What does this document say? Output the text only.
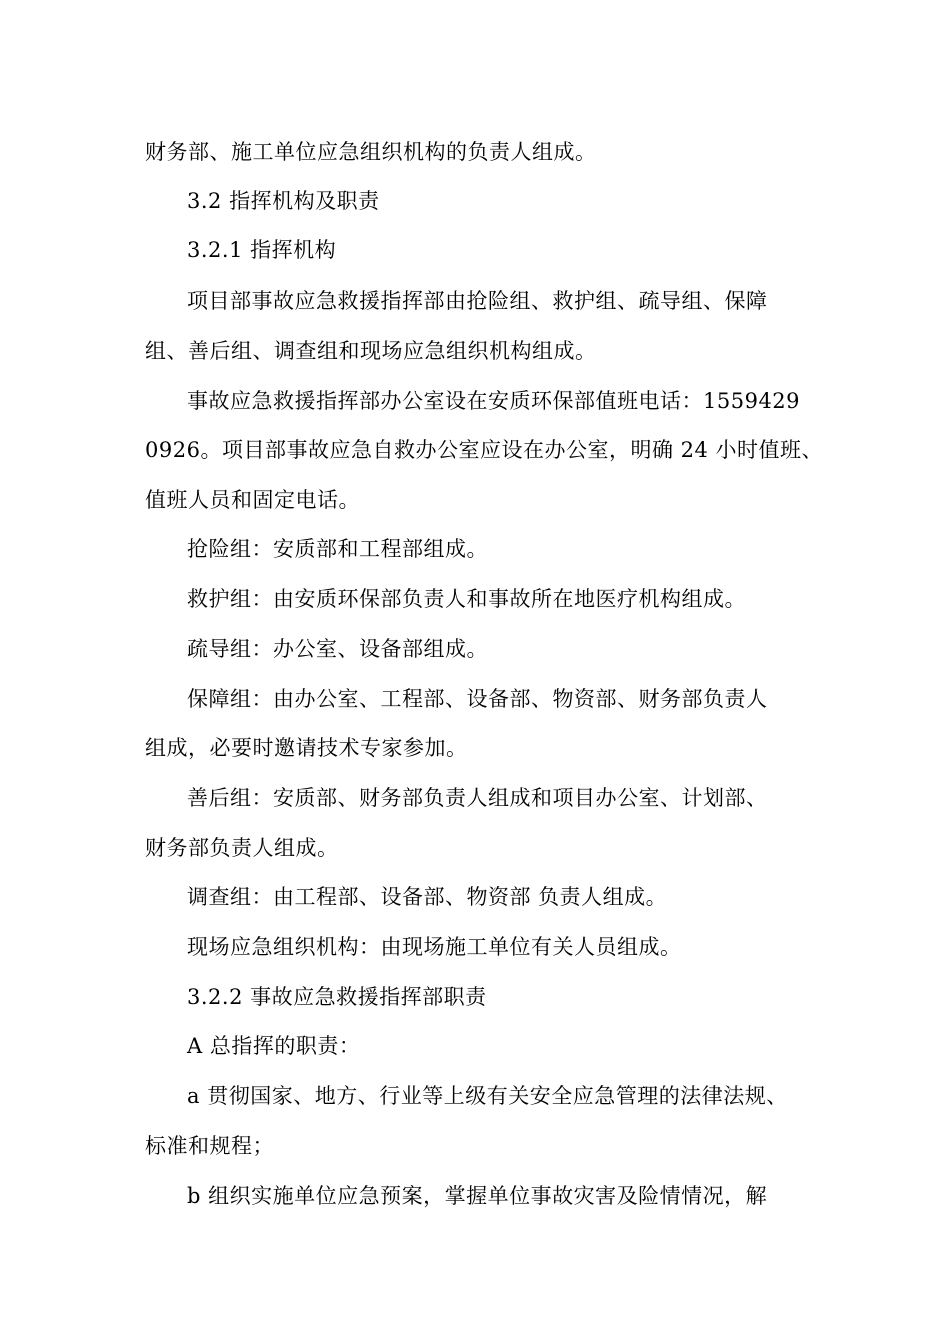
财务部、施工单位应急组织机构的负责人组成。
3.2 指挥机构及职责
3.2.1 指挥机构
项目部事故应急救援指挥部由抢险组、救护组、疏导组、保障
组、善后组、调查组和现场应急组织机构组成。
事故应急救援指挥部办公室设在安质环保部值班电话：1559429
0926。项目部事故应急自救办公室应设在办公室，明确 24 小时值班、
值班人员和固定电话。
抢险组：安质部和工程部组成。
救护组：由安质环保部负责人和事故所在地医疗机构组成。
疏导组：办公室、设备部组成。
保障组：由办公室、工程部、设备部、物资部、财务部负责人
组成，必要时邀请技术专家参加。
善后组：安质部、财务部负责人组成和项目办公室、计划部、
财务部负责人组成。
调查组：由工程部、设备部、物资部 负责人组成。
现场应急组织机构：由现场施工单位有关人员组成。
3.2.2 事故应急救援指挥部职责
A 总指挥的职责：
a 贯彻国家、地方、行业等上级有关安全应急管理的法律法规、
标准和规程；
b 组织实施单位应急预案，掌握单位事故灾害及险情情况，解
